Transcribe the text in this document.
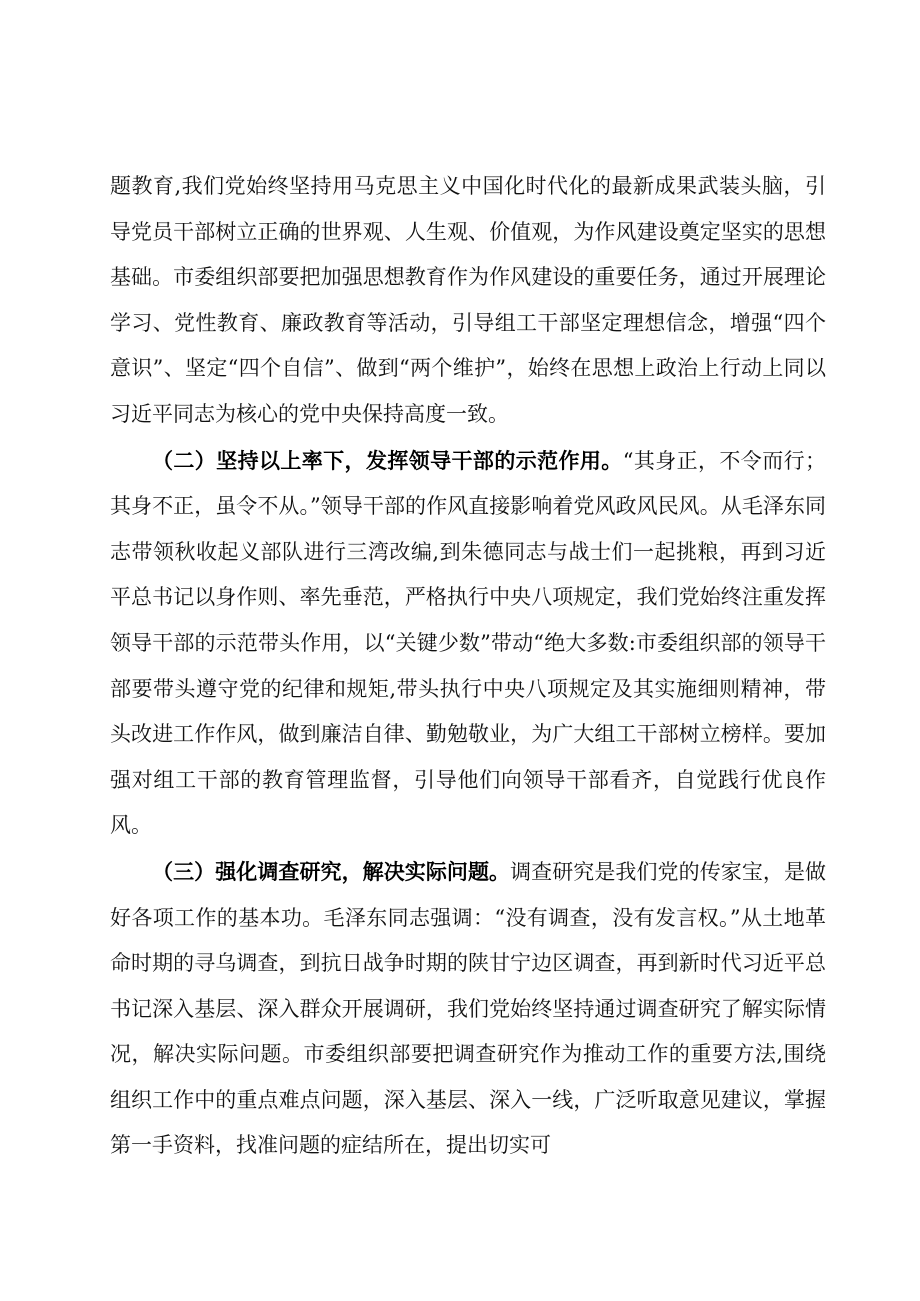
题教育,我们党始终坚持用马克思主义中国化时代化的最新成果武装头脑，引导党员干部树立正确的世界观、人生观、价值观，为作风建设奠定坚实的思想基础。市委组织部要把加强思想教育作为作风建设的重要任务，通过开展理论学习、党性教育、廉政教育等活动，引导组工干部坚定理想信念，增强“四个意识”、坚定“四个自信”、做到“两个维护”，始终在思想上政治上行动上同以习近平同志为核心的党中央保持高度一致。

（二）坚持以上率下，发挥领导干部的示范作用。“其身正，不令而行；其身不正，虽令不从。”领导干部的作风直接影响着党风政风民风。从毛泽东同志带领秋收起义部队进行三湾改编,到朱德同志与战士们一起挑粮，再到习近平总书记以身作则、率先垂范，严格执行中央八项规定，我们党始终注重发挥领导干部的示范带头作用，以“关键少数”带动“绝大多数:市委组织部的领导干部要带头遵守党的纪律和规矩,带头执行中央八项规定及其实施细则精神，带头改进工作作风，做到廉洁自律、勤勉敬业，为广大组工干部树立榜样。要加强对组工干部的教育管理监督，引导他们向领导干部看齐，自觉践行优良作风。

（三）强化调查研究，解决实际问题。调查研究是我们党的传家宝，是做好各项工作的基本功。毛泽东同志强调：“没有调查，没有发言权。”从土地革命时期的寻乌调查，到抗日战争时期的陕甘宁边区调查，再到新时代习近平总书记深入基层、深入群众开展调研，我们党始终坚持通过调查研究了解实际情况，解决实际问题。市委组织部要把调查研究作为推动工作的重要方法,围绕组织工作中的重点难点问题，深入基层、深入一线，广泛听取意见建议，掌握第一手资料，找准问题的症结所在，提出切实可
